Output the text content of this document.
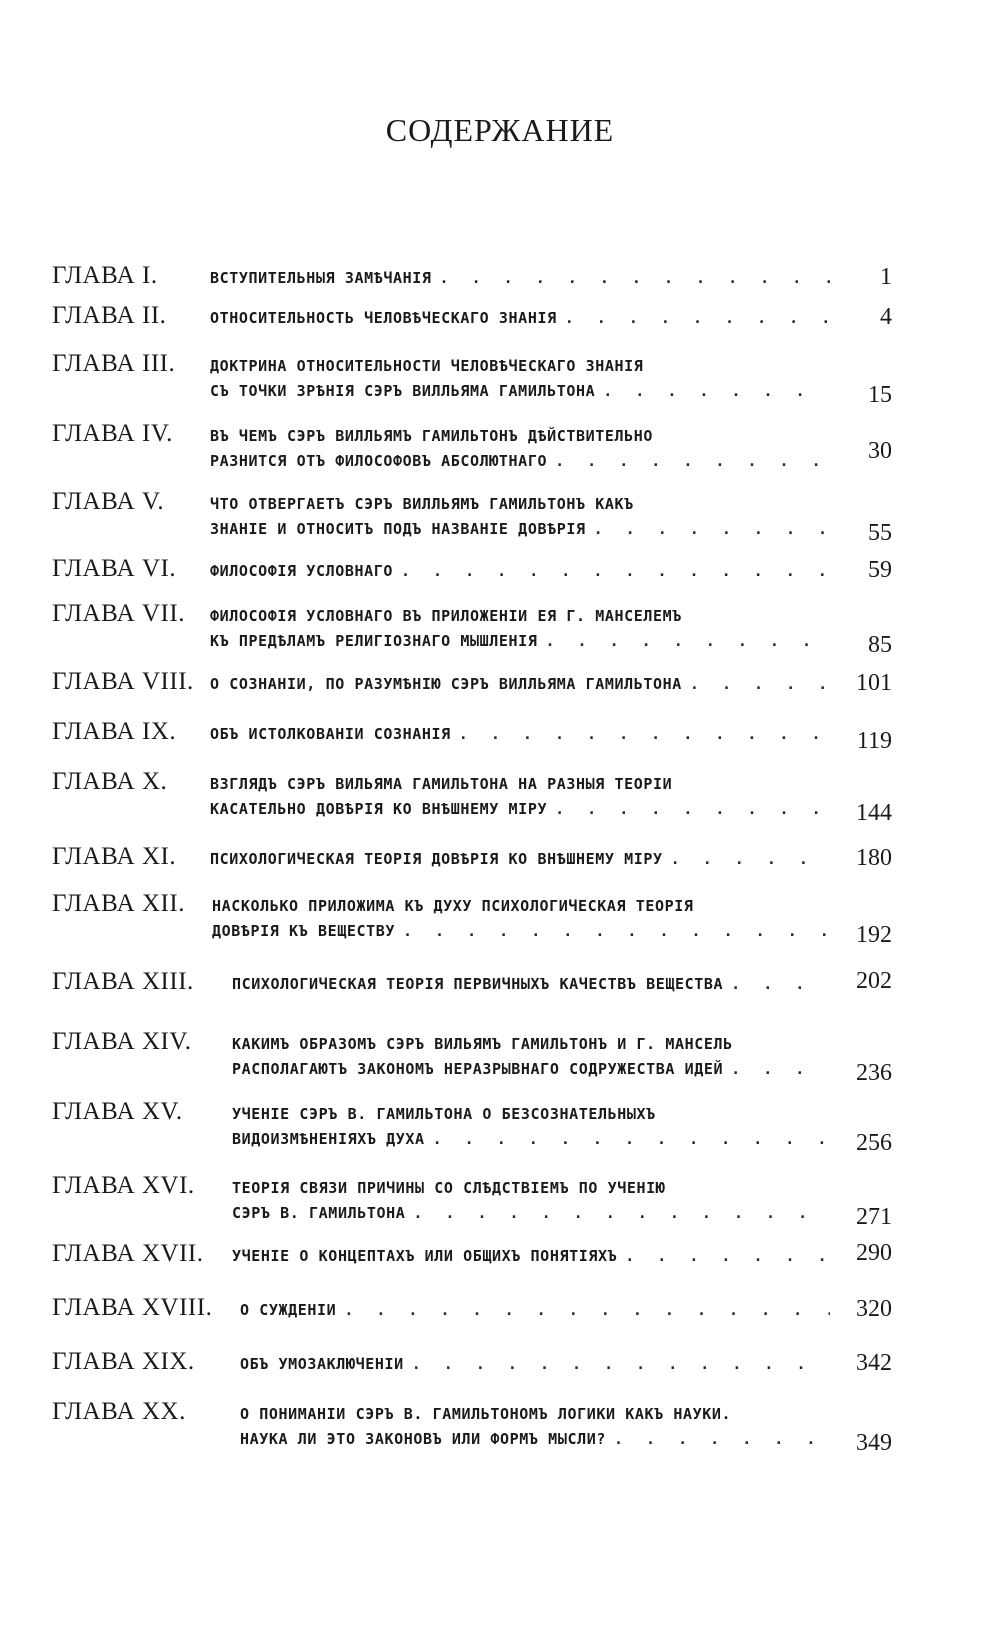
СОДЕРЖАНИЕ
ГЛАВА I.	ВСТУПИТЕЛЬНЫЯ ЗАМѢЧАНІЯ . . .	1
ГЛАВА II.	ОТНОСИТЕЛЬНОСТЬ ЧЕЛОВѢЧЕСКАГО ЗНАНІЯ . . .	4
ГЛАВА III. ДОКТРИНА ОТНОСИТЕЛЬНОСТИ ЧЕЛОВѢЧЕСКАГО ЗНАНІЯ
СЪ ТОЧКИ ЗРѢНІЯ СЭРЪ ВИЛЛЬЯМА ГАМИЛЬТОНА . . .	15
ГЛАВА IV. ВЪ ЧЕМЪ СЭРЪ ВИЛЛЬЯМЪ ГАМИЛЬТОНЪ ДѢЙСТВИТЕЛЬНО
РАЗНИТСЯ ОТЪ ФИЛОСОФОВЪ АБСОЛЮТНАГО . . .	30
ГЛАВА V.	ЧТО ОТВЕРГАЕТЪ СЭРЪ ВИЛЛЬЯМЪ ГАМИЛЬТОНЪ КАКЪ
ЗНАНІЕ И ОТНОСИТЪ ПОДЪ НАЗВАНІЕ ДОВѢРІЯ . . .	55
ГЛАВА VI. ФИЛОСОФІЯ УСЛОВНАГО . . .	59
ГЛАВА VII. ФИЛОСОФІЯ УСЛОВНАГО ВЪ ПРИЛОЖЕНІИ ЕЯ Г. МАНСЕЛЕМЪ
КЪ ПРЕДѢЛАМЪ РЕЛИГІОЗНАГО МЫШЛЕНІЯ . . .	85
ГЛАВА VIII. О СОЗНАНІИ, ПО РАЗУМѢНІЮ СЭРЪ ВИЛЛЬЯМА ГАМИЛЬТОНА . . .	101
ГЛАВА IX. ОБЪ ИСТОЛКОВАНІИ СОЗНАНІЯ . . .	119
ГЛАВА X.	ВЗГЛЯДЪ СЭРЪ ВИЛЬЯМА ГАМИЛЬТОНА НА РАЗНЫЯ ТЕОРІИ
КАСАТЕЛЬНО ДОВѢРІЯ КО ВНѢШНЕМУ МІРУ . . .	144
ГЛАВА XI. ПСИХОЛОГИЧЕСКАЯ ТЕОРІЯ ДОВѢРІЯ КО ВНѢШНЕМУ МІРУ . . .	180
ГЛАВА XII. НАСКОЛЬКО ПРИЛОЖИМА КЪ ДУХУ ПСИХОЛОГИЧЕСКАЯ ТЕОРІЯ
ДОВѢРІЯ КЪ ВЕЩЕСТВУ . . .	192
ГЛАВА XIII.	ПСИХОЛОГИЧЕСКАЯ ТЕОРІЯ ПЕРВИЧНЫХЪ КАЧЕСТВЪ ВЕЩЕСТВА . . .	202
ГЛАВА XIV.	КАКИМЪ ОБРАЗОМЪ СЭРЪ ВИЛЬЯМЪ ГАМИЛЬТОНЪ И Г. МАНСЕЛЬ
РАСПОЛАГАЮТЪ ЗАКОНОМЪ НЕРАЗРЫВНАГО СОДРУЖЕСТВА ИДЕЙ . . .	236
ГЛАВА XV.	УЧЕНІЕ СЭРЪ В. ГАМИЛЬТОНА О БЕЗСОЗНАТЕЛЬНЫХЪ
ВИДОИЗМѢНЕНІЯХЪ ДУХА . . .	256
ГЛАВА XVI. ТЕОРІЯ СВЯЗИ ПРИЧИНЫ СО СЛѢДСТВІЕМЪ ПО УЧЕНІЮ
СЭРЪ В. ГАМИЛЬТОНА . . .	271
ГЛАВА XVII. УЧЕНІЕ О КОНЦЕПТАХЪ ИЛИ ОБЩИХЪ ПОНЯТІЯХЪ . . .	290
ГЛАВА XVIII. О СУЖДЕНІИ . . .	320
ГЛАВА XIX.	ОБЪ УМОЗАКЛЮЧЕНІИ . . .	342
ГЛАВА XX.	О ПОНИМАНІИ СЭРЪ В. ГАМИЛЬТОНОМЪ ЛОГИКИ КАКЪ НАУКИ.
НАУКА ЛИ ЭТО ЗАКОНОВЪ ИЛИ ФОРМЪ МЫСЛИ? . . .	349
